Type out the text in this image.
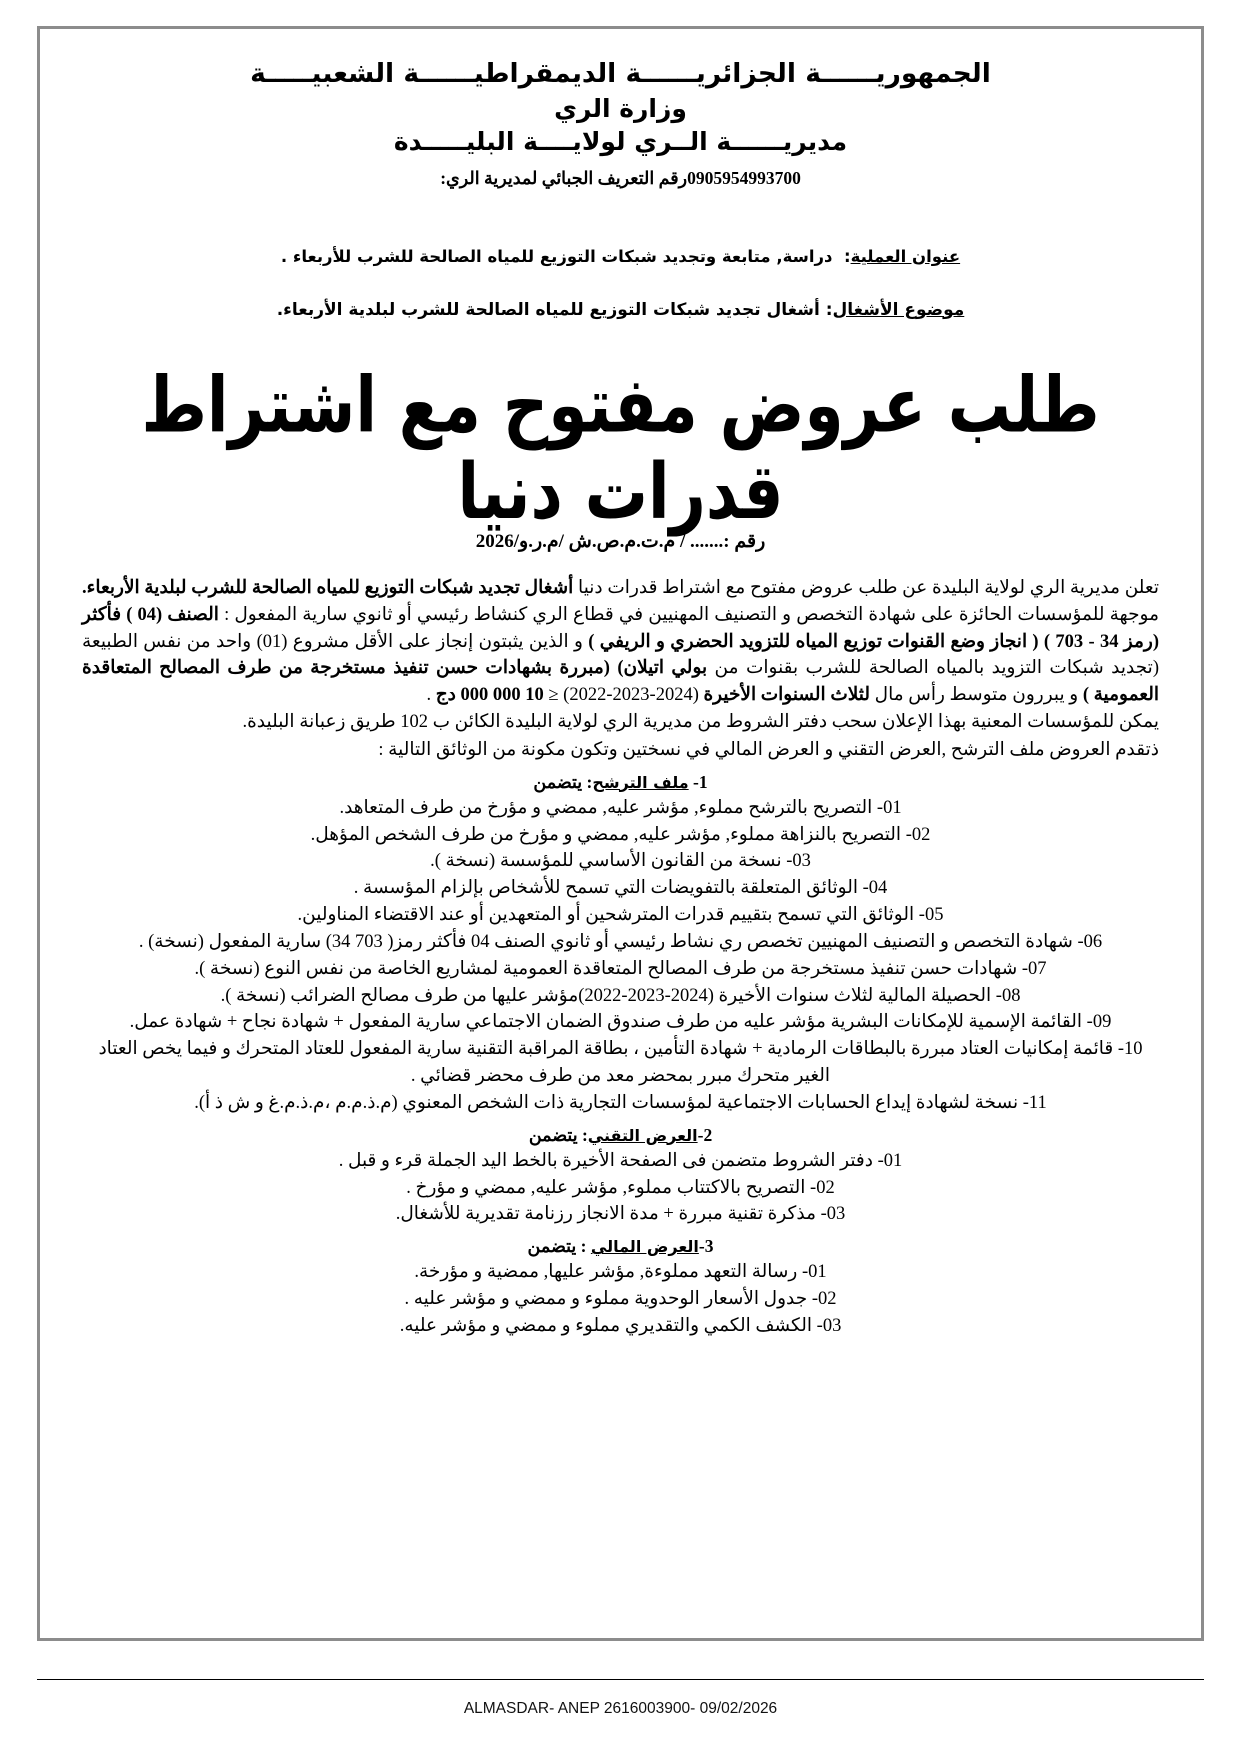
الجمهوريــــــة الجزائريــــــة الديمقراطيــــــة الشعبيـــــة
وزارة الري
مديريــــــة الــري لولايــــة البليـــــدة
0905954993700رقم التعريف الجبائي لمديرية الري:
عنوان العملية:  دراسة, متابعة وتجديد شبكات التوزيع للمياه الصالحة للشرب للأربعاء .
موضوع الأشغال: أشغال تجديد شبكات التوزيع للمياه الصالحة للشرب لبلدية الأربعاء.
طلب عروض مفتوح مع اشتراط قدرات دنيا
رقم :....... / م.ت.م.ص.ش /م.ر.و/2026

تعلن مديرية الري لولاية البليدة عن طلب عروض مفتوح مع اشتراط قدرات دنيا أشغال تجديد شبكات التوزيع للمياه الصالحة للشرب لبلدية الأربعاء. موجهة للمؤسسات الحائزة على شهادة التخصص و التصنيف المهنيين في قطاع الري كنشاط رئيسي أو ثانوي سارية المفعول : الصنف (04 ) فأكثر (رمز 34 - 703 ) ( انجاز وضع القنوات توزيع المياه للتزويد الحضري و الريفي ) و الذين يثبتون إنجاز على الأقل مشروع (01) واحد من نفس الطبيعة (تجديد شبكات التزويد بالمياه الصالحة للشرب بقنوات من بولي اتيلان) (مبررة بشهادات حسن تنفيذ مستخرجة من طرف المصالح المتعاقدة العمومية ) و يبررون متوسط رأس مال لثلاث السنوات الأخيرة (2024-2023-2022) ≤ 10 000 000 دج .

يمكن للمؤسسات المعنية بهذا الإعلان سحب دفتر الشروط من مديرية الري لولاية البليدة الكائن ب 102 طريق زعبانة البليدة.

ذتقدم العروض ملف الترشح ,العرض التقني و العرض المالي في نسختين وتكون مكونة من الوثائق التالية :

1- ملف الترشح: يتضمن
01- التصريح بالترشح مملوء, مؤشر عليه, ممضي و مؤرخ من طرف المتعاهد.
02- التصريح بالنزاهة مملوء, مؤشر عليه, ممضي و مؤرخ من طرف الشخص المؤهل.
03- نسخة من القانون الأساسي للمؤسسة (نسخة ).
04- الوثائق المتعلقة بالتفويضات التي تسمح للأشخاص بإلزام المؤسسة .
05- الوثائق التي تسمح بتقييم قدرات المترشحين أو المتعهدين أو عند الاقتضاء المناولين.
06- شهادة التخصص و التصنيف المهنيين تخصص ري نشاط رئيسي أو ثانوي الصنف 04 فأكثر رمز( 703 34) سارية المفعول (نسخة) .
07- شهادات حسن تنفيذ مستخرجة من طرف المصالح المتعاقدة العمومية لمشاريع الخاصة من نفس النوع (نسخة ).
08- الحصيلة المالية لثلاث سنوات الأخيرة (2024-2023-2022)مؤشر عليها من طرف مصالح الضرائب (نسخة ).
09- القائمة الإسمية للإمكانات البشرية مؤشر عليه من طرف صندوق الضمان الاجتماعي سارية المفعول + شهادة نجاح + شهادة عمل.
10- قائمة إمكانيات العتاد مبررة بالبطاقات الرمادية + شهادة التأمين ، بطاقة المراقبة التقنية سارية المفعول للعتاد المتحرك و فيما يخص العتاد الغير متحرك مبرر بمحضر معد من طرف محضر قضائي .
11- نسخة لشهادة إيداع الحسابات الاجتماعية لمؤسسات التجارية ذات الشخص المعنوي (م.ذ.م.م ،م.ذ.م.غ و ش ذ أ).
2-العرض التقني: يتضمن
01- دفتر الشروط متضمن فى الصفحة الأخيرة بالخط اليد الجملة قرء و قبل .
02- التصريح بالاكتتاب مملوء, مؤشر عليه, ممضي و مؤرخ .
03- مذكرة تقنية مبررة + مدة الانجاز رزنامة تقديرية للأشغال.
3-العرض المالي : يتضمن
01- رسالة التعهد مملوءة, مؤشر عليها, ممضية و مؤرخة.
02- جدول الأسعار الوحدوية مملوء و ممضي و مؤشر عليه .
03- الكشف الكمي والتقديري مملوء و ممضي و مؤشر عليه.
ALMASDAR- ANEP 2616003900- 09/02/2026
